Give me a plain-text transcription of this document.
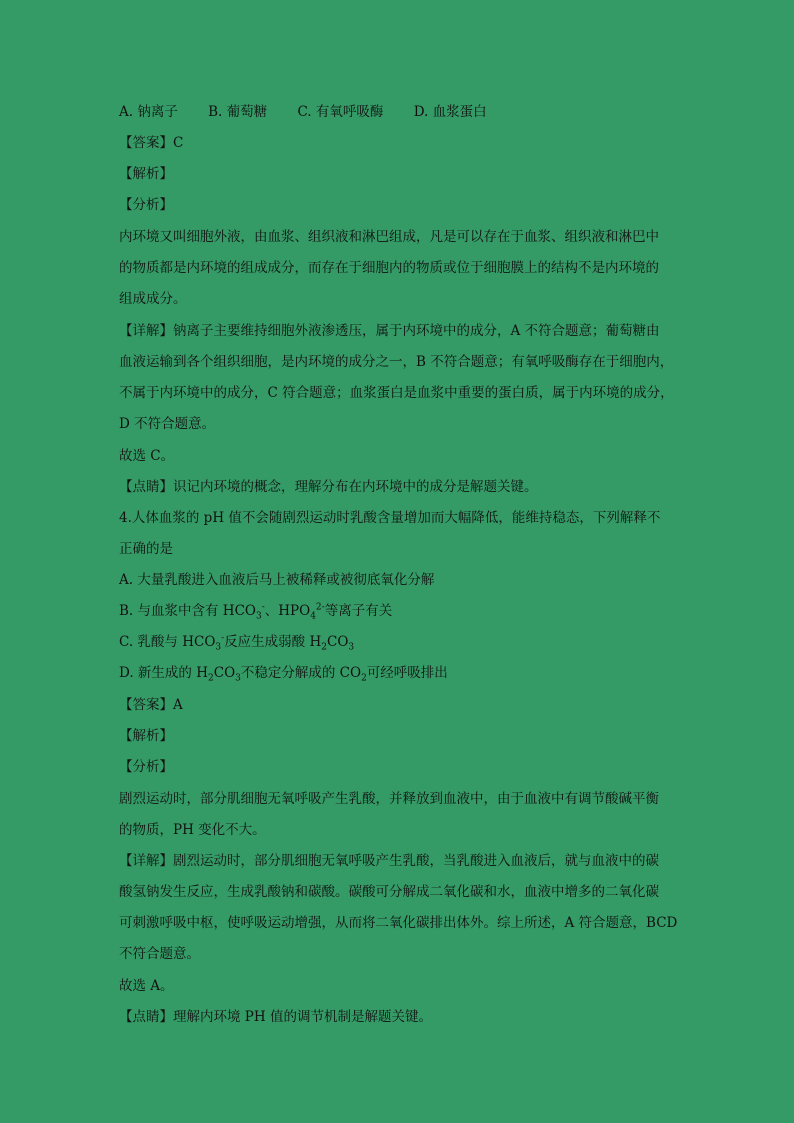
A. 钠离子 B. 葡萄糖 C. 有氧呼吸酶 D. 血浆蛋白
【答案】C
【解析】
【分析】
内环境又叫细胞外液，由血浆、组织液和淋巴组成，凡是可以存在于血浆、组织液和淋巴中
的物质都是内环境的组成成分，而存在于细胞内的物质或位于细胞膜上的结构不是内环境的
组成成分。
【详解】钠离子主要维持细胞外液渗透压，属于内环境中的成分，A 不符合题意；葡萄糖由
血液运输到各个组织细胞，是内环境的成分之一，B 不符合题意；有氧呼吸酶存在于细胞内，
不属于内环境中的成分，C 符合题意；血浆蛋白是血浆中重要的蛋白质，属于内环境的成分，
D 不符合题意。
故选 C。
【点睛】识记内环境的概念，理解分布在内环境中的成分是解题关键。
4.人体血浆的 pH 值不会随剧烈运动时乳酸含量增加而大幅降低，能维持稳态，下列解释不
正确的是
A. 大量乳酸进入血液后马上被稀释或被彻底氧化分解
B. 与血浆中含有 $HCO_3^-$、$HPO_4^{2-}$等离子有关
C. 乳酸与 $HCO_3^-$反应生成弱酸 $H_2CO_3$
D. 新生成的 $H_2CO_3$不稳定分解成的 $CO_2$可经呼吸排出
【答案】A
【解析】
【分析】
剧烈运动时，部分肌细胞无氧呼吸产生乳酸，并释放到血液中，由于血液中有调节酸碱平衡
的物质，PH 变化不大。
【详解】剧烈运动时，部分肌细胞无氧呼吸产生乳酸，当乳酸进入血液后，就与血液中的碳
酸氢钠发生反应，生成乳酸钠和碳酸。碳酸可分解成二氧化碳和水，血液中增多的二氧化碳
可刺激呼吸中枢，使呼吸运动增强，从而将二氧化碳排出体外。综上所述，A 符合题意，BCD
不符合题意。
故选 A。
【点睛】理解内环境 PH 值的调节机制是解题关键。
